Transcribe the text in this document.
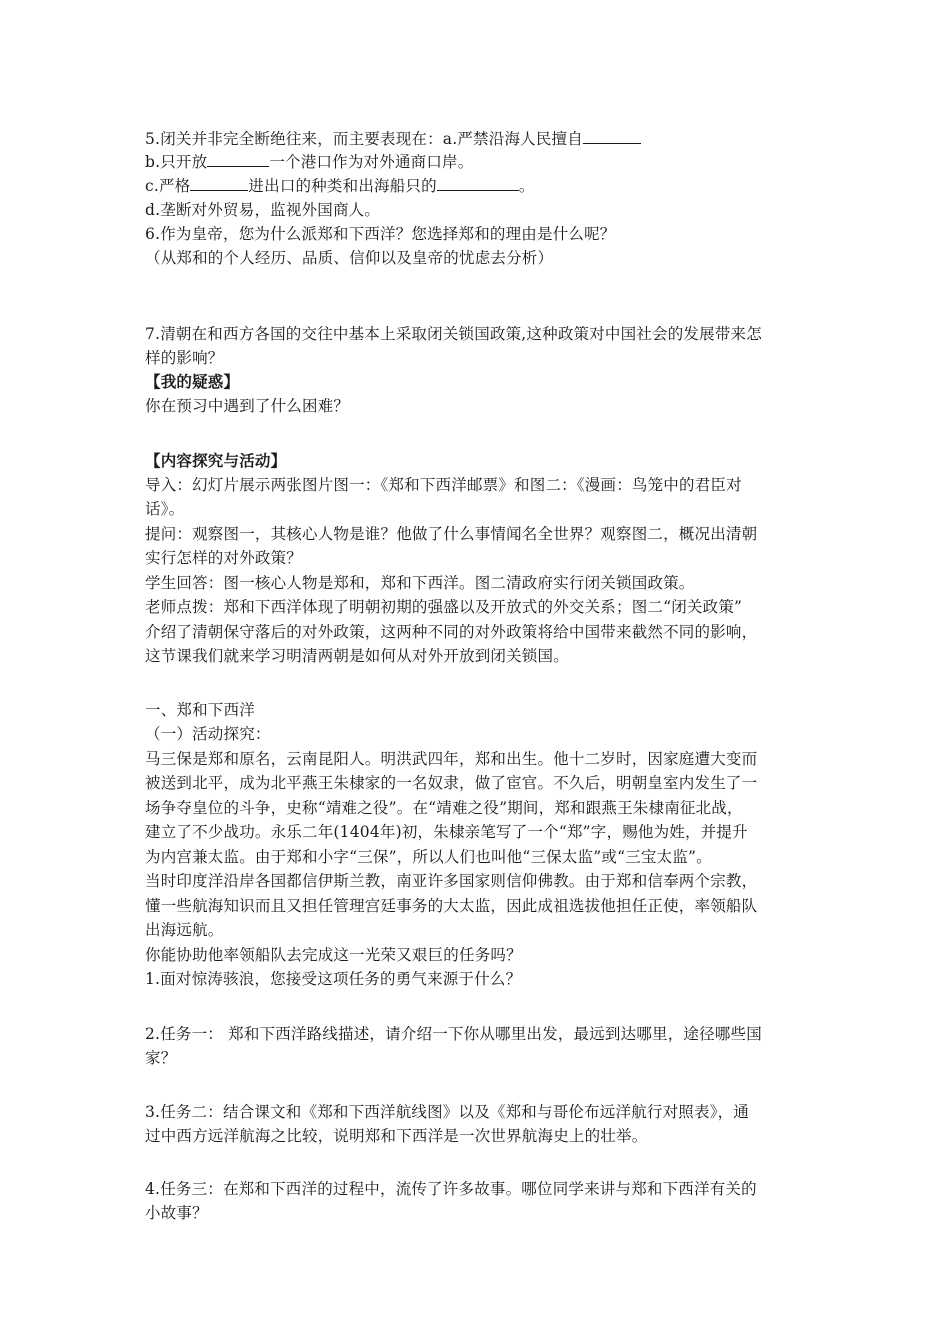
5.闭关并非完全断绝往来，而主要表现在：a.严禁沿海人民擅自
b.只开放	一个港口作为对外通商口岸。
c.严格	进出口的种类和出海船只的	。
d.垄断对外贸易，监视外国商人。
6.作为皇帝，您为什么派郑和下西洋？您选择郑和的理由是什么呢？
（从郑和的个人经历、品质、信仰以及皇帝的忧虑去分析）
7.清朝在和西方各国的交往中基本上采取闭关锁国政策,这种政策对中国社会的发展带来怎
样的影响？
【我的疑惑】
你在预习中遇到了什么困难？
【内容探究与活动】
导入：幻灯片展示两张图片图一：《郑和下西洋邮票》和图二：《漫画：鸟笼中的君臣对
话》。
提问：观察图一，其核心人物是谁？他做了什么事情闻名全世界？观察图二，概况出清朝
实行怎样的对外政策？
学生回答：图一核心人物是郑和，郑和下西洋。图二清政府实行闭关锁国政策。
老师点拨：郑和下西洋体现了明朝初期的强盛以及开放式的外交关系；图二“闭关政策”
介绍了清朝保守落后的对外政策，这两种不同的对外政策将给中国带来截然不同的影响，
这节课我们就来学习明清两朝是如何从对外开放到闭关锁国。
一、郑和下西洋
（一）活动探究：
马三保是郑和原名，云南昆阳人。明洪武四年，郑和出生。他十二岁时，因家庭遭大变而
被送到北平，成为北平燕王朱棣家的一名奴隶，做了宦官。不久后，明朝皇室内发生了一
场争夺皇位的斗争，史称“靖难之役”。在“靖难之役”期间，郑和跟燕王朱棣南征北战，
建立了不少战功。永乐二年(1404年)初，朱棣亲笔写了一个“郑”字，赐他为姓，并提升
为内宫兼太监。由于郑和小字“三保”，所以人们也叫他“三保太监”或“三宝太监”。
当时印度洋沿岸各国都信伊斯兰教，南亚许多国家则信仰佛教。由于郑和信奉两个宗教，
懂一些航海知识而且又担任管理宫廷事务的大太监，因此成祖选拔他担任正使，率领船队
出海远航。
你能协助他率领船队去完成这一光荣又艰巨的任务吗？
1.面对惊涛骇浪，您接受这项任务的勇气来源于什么？
2.任务一： 郑和下西洋路线描述，请介绍一下你从哪里出发，最远到达哪里，途径哪些国
家？
3.任务二：结合课文和《郑和下西洋航线图》以及《郑和与哥伦布远洋航行对照表》，通
过中西方远洋航海之比较，说明郑和下西洋是一次世界航海史上的壮举。
4.任务三：在郑和下西洋的过程中，流传了许多故事。哪位同学来讲与郑和下西洋有关的
小故事？
